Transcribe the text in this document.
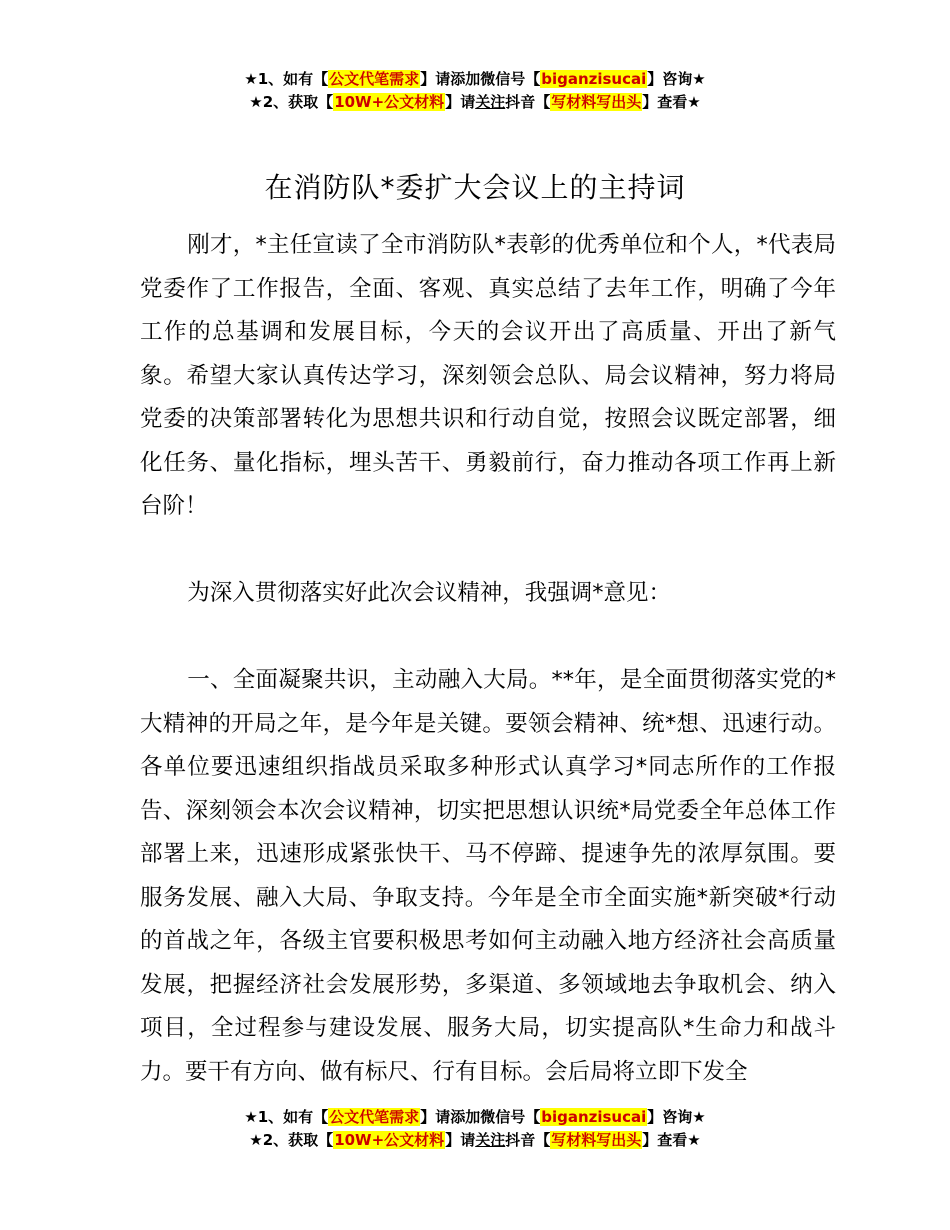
★1、如有【公文代笔需求】请添加微信号【biganzisucai】咨询★
★2、获取【10W+公文材料】请关注抖音【写材料写出头】查看★
在消防队*委扩大会议上的主持词

刚才，*主任宣读了全市消防队*表彰的优秀单位和个人，*代表局党委作了工作报告，全面、客观、真实总结了去年工作，明确了今年工作的总基调和发展目标，今天的会议开出了高质量、开出了新气象。希望大家认真传达学习，深刻领会总队、局会议精神，努力将局党委的决策部署转化为思想共识和行动自觉，按照会议既定部署，细化任务、量化指标，埋头苦干、勇毅前行，奋力推动各项工作再上新台阶！

为深入贯彻落实好此次会议精神，我强调*意见：

一、全面凝聚共识，主动融入大局。**年，是全面贯彻落实党的*大精神的开局之年，是今年是关键。要领会精神、统*想、迅速行动。各单位要迅速组织指战员采取多种形式认真学习*同志所作的工作报告、深刻领会本次会议精神，切实把思想认识统*局党委全年总体工作部署上来，迅速形成紧张快干、马不停蹄、提速争先的浓厚氛围。要服务发展、融入大局、争取支持。今年是全市全面实施*新突破*行动的首战之年，各级主官要积极思考如何主动融入地方经济社会高质量发展，把握经济社会发展形势，多渠道、多领域地去争取机会、纳入项目，全过程参与建设发展、服务大局，切实提高队*生命力和战斗力。要干有方向、做有标尺、行有目标。会后局将立即下发全

★1、如有【公文代笔需求】请添加微信号【biganzisucai】咨询★
★2、获取【10W+公文材料】请关注抖音【写材料写出头】查看★
